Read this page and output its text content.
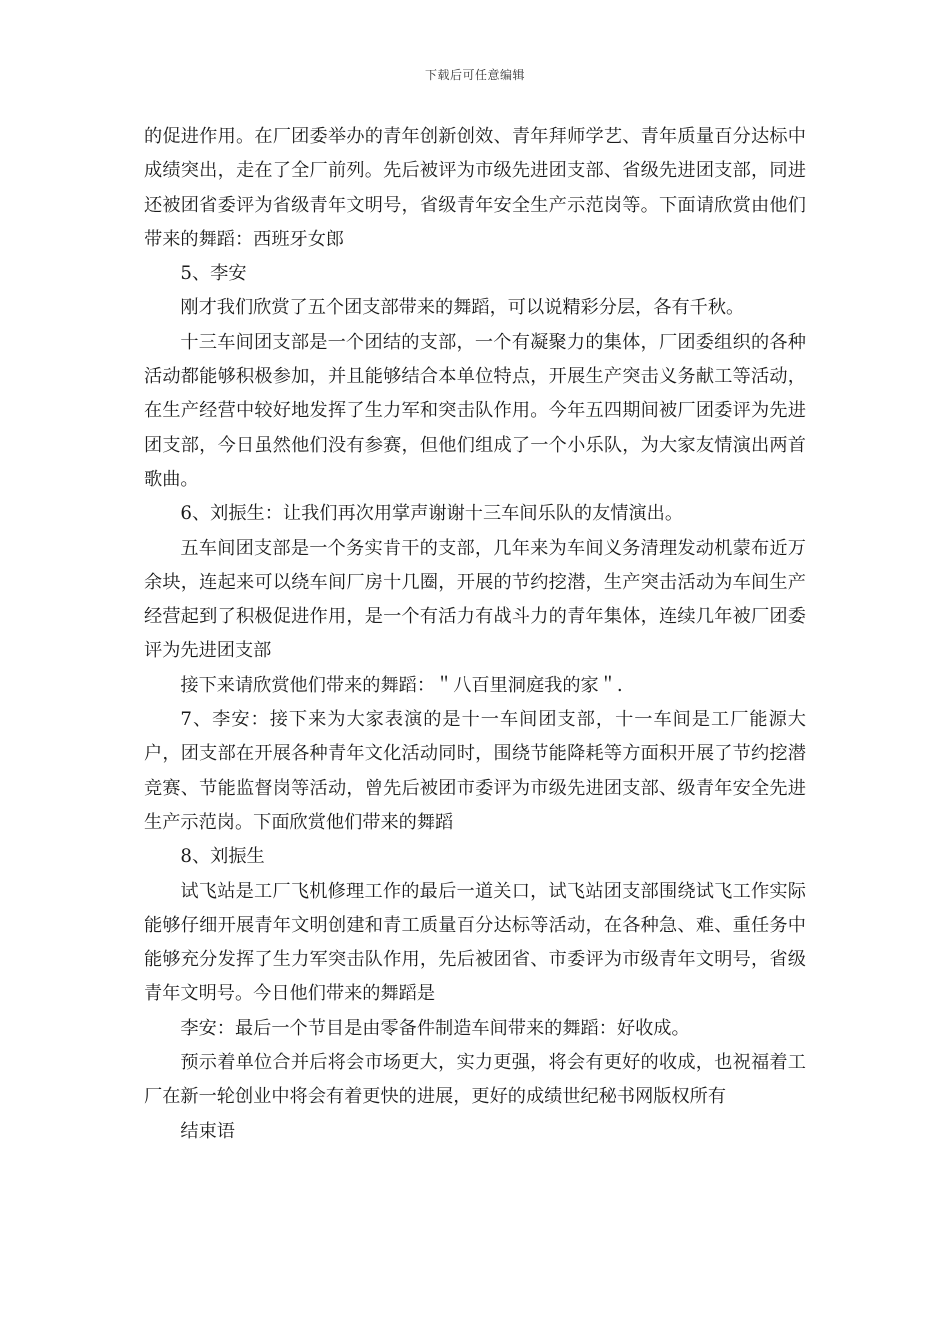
下载后可任意编辑

的促进作用。在厂团委举办的青年创新创效、青年拜师学艺、青年质量百分达标中成绩突出，走在了全厂前列。先后被评为市级先进团支部、省级先进团支部，同进还被团省委评为省级青年文明号，省级青年安全生产示范岗等。下面请欣赏由他们带来的舞蹈：西班牙女郎

5、李安

刚才我们欣赏了五个团支部带来的舞蹈，可以说精彩分层，各有千秋。

十三车间团支部是一个团结的支部，一个有凝聚力的集体，厂团委组织的各种活动都能够积极参加，并且能够结合本单位特点，开展生产突击义务献工等活动，在生产经营中较好地发挥了生力军和突击队作用。今年五四期间被厂团委评为先进团支部，今日虽然他们没有参赛，但他们组成了一个小乐队，为大家友情演出两首歌曲。

6、刘振生：让我们再次用掌声谢谢十三车间乐队的友情演出。

五车间团支部是一个务实肯干的支部，几年来为车间义务清理发动机蒙布近万余块，连起来可以绕车间厂房十几圈，开展的节约挖潜，生产突击活动为车间生产经营起到了积极促进作用，是一个有活力有战斗力的青年集体，连续几年被厂团委评为先进团支部

接下来请欣赏他们带来的舞蹈：＂八百里洞庭我的家＂.

7、李安：接下来为大家表演的是十一车间团支部，十一车间是工厂能源大户，团支部在开展各种青年文化活动同时，围绕节能降耗等方面积开展了节约挖潜竞赛、节能监督岗等活动，曾先后被团市委评为市级先进团支部、级青年安全先进生产示范岗。下面欣赏他们带来的舞蹈

8、刘振生

试飞站是工厂飞机修理工作的最后一道关口，试飞站团支部围绕试飞工作实际能够仔细开展青年文明创建和青工质量百分达标等活动，在各种急、难、重任务中能够充分发挥了生力军突击队作用，先后被团省、市委评为市级青年文明号，省级青年文明号。今日他们带来的舞蹈是

李安：最后一个节目是由零备件制造车间带来的舞蹈：好收成。

预示着单位合并后将会市场更大，实力更强，将会有更好的收成，也祝福着工厂在新一轮创业中将会有着更快的进展，更好的成绩世纪秘书网版权所有

结束语
